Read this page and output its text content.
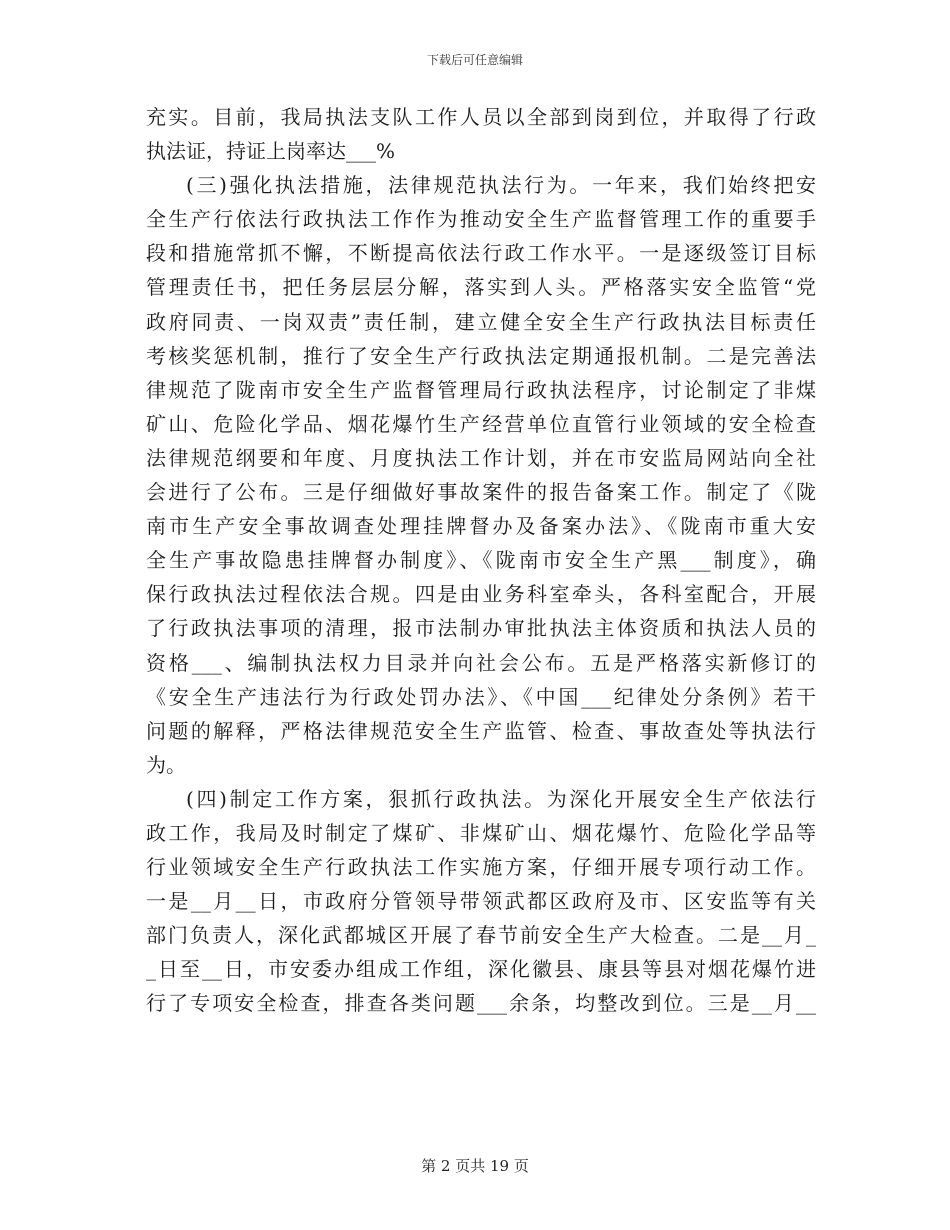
下载后可任意编辑
充实。目前，我局执法支队工作人员以全部到岗到位，并取得了行政
执法证，持证上岗率达___%
(三)强化执法措施，法律规范执法行为。一年来，我们始终把安
全生产行依法行政执法工作作为推动安全生产监督管理工作的重要手
段和措施常抓不懈，不断提高依法行政工作水平。一是逐级签订目标
管理责任书，把任务层层分解，落实到人头。严格落实安全监管“党
政府同责、一岗双责”责任制，建立健全安全生产行政执法目标责任
考核奖惩机制，推行了安全生产行政执法定期通报机制。二是完善法
律规范了陇南市安全生产监督管理局行政执法程序，讨论制定了非煤
矿山、危险化学品、烟花爆竹生产经营单位直管行业领域的安全检查
法律规范纲要和年度、月度执法工作计划，并在市安监局网站向全社
会进行了公布。三是仔细做好事故案件的报告备案工作。制定了《陇
南市生产安全事故调查处理挂牌督办及备案办法》、《陇南市重大安
全生产事故隐患挂牌督办制度》、《陇南市安全生产黑___制度》，确
保行政执法过程依法合规。四是由业务科室牵头，各科室配合，开展
了行政执法事项的清理，报市法制办审批执法主体资质和执法人员的
资格___、编制执法权力目录并向社会公布。五是严格落实新修订的
《安全生产违法行为行政处罚办法》、《中国___纪律处分条例》若干
问题的解释，严格法律规范安全生产监管、检查、事故查处等执法行
为。
(四)制定工作方案，狠抓行政执法。为深化开展安全生产依法行
政工作，我局及时制定了煤矿、非煤矿山、烟花爆竹、危险化学品等
行业领域安全生产行政执法工作实施方案，仔细开展专项行动工作。
一是__月__日，市政府分管领导带领武都区政府及市、区安监等有关
部门负责人，深化武都城区开展了春节前安全生产大检查。二是__月_
_日至__日，市安委办组成工作组，深化徽县、康县等县对烟花爆竹进
行了专项安全检查，排查各类问题___余条，均整改到位。三是__月__
第 2 页共 19 页
